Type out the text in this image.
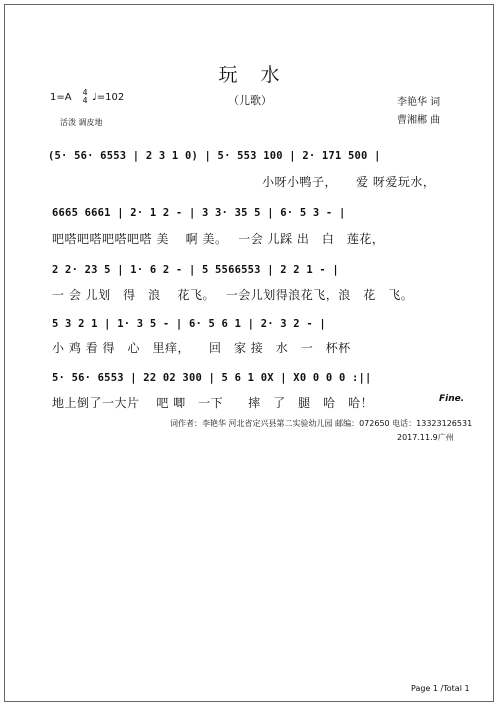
玩　水
（儿歌）
1=A 4
4 ♩=102
活泼 调皮地
李艳华 词
曹湘郴 曲
(5· 56· 6553 | 2 3 1 0) | 5· 553 100 | 2· 171 500 |
小呀小鸭子，　　爱 呀爱玩水，
6665 6661 | 2· 1 2 - | 3 3· 35 5 | 6· 5 3 - |
吧嗒吧嗒吧嗒吧嗒 美　 啊 美。　 一会 儿踩 出　白　莲花，
2 2· 23 5 | 1· 6 2 - | 5 5566553 | 2 2 1 - |
一 会 儿划　得　浪　 花飞。　 一会儿划得浪花飞，浪　花　飞。
5 3 2 1 | 1· 3 5 - | 6· 5 6 1 | 2· 3 2 - |
小 鸡 看 得　心　里痒，　　回　家 接　水　一　杯杯
5· 56· 6553 | 22 02 300 | 5 6 1 0X | X0 0 0 0 :||
地上倒了一大片　 吧 唧　一下　　摔　了　腿　哈　哈！	Fine.
词作者：李艳华 河北省定兴县第二实验幼儿园 邮编：072650 电话：13323126531
2017.11.9广州
Page 1 /Total 1
